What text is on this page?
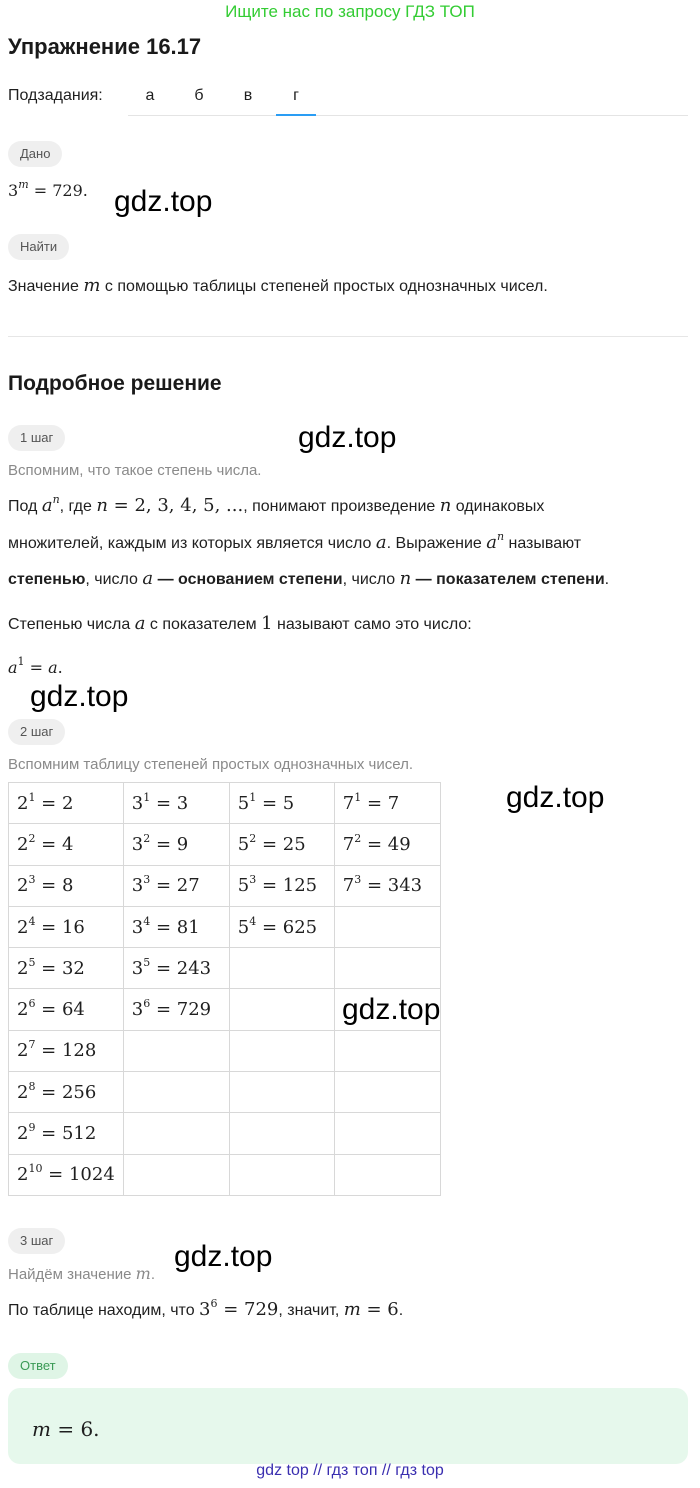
Ищите нас по запросу ГДЗ ТОП
Упражнение 16.17
Подзадания:	а	б	в	г
Дано
$3^m = 729$.
Найти
Значение m с помощью таблицы степеней простых однозначных чисел.
Подробное решение
1 шаг
Вспомним, что такое степень числа.
Под $a^n$, где n = 2, 3, 4, 5, ..., понимают произведение n одинаковых
множителей, каждым из которых является число a. Выражение $a^n$ называют
степенью, число a — основанием степени, число n — показателем степени.
Степенью числа a с показателем 1 называют само это число:
$a^1 = a$.
2 шаг
Вспомним таблицу степеней простых однозначных чисел.
$2^1 = 2$	$3^1 = 3$	$5^1 = 5$	$7^1 = 7$
$2^2 = 4$	$3^2 = 9$	$5^2 = 25$	$7^2 = 49$
$2^3 = 8$	$3^3 = 27$	$5^3 = 125$	$7^3 = 343$
$2^4 = 16$	$3^4 = 81$	$5^4 = 625$	
$2^5 = 32$	$3^5 = 243$		
$2^6 = 64$	$3^6 = 729$		
$2^7 = 128$			
$2^8 = 256$			
$2^9 = 512$			
$2^{10} = 1024$			
3 шаг
Найдём значение m.
По таблице находим, что $3^6 = 729$, значит, m = 6.
Ответ
m = 6.
gdz.top
gdz.top
gdz.top
gdz.top
gdz.top
gdz.top
gdz top // гдз топ // гдз top
